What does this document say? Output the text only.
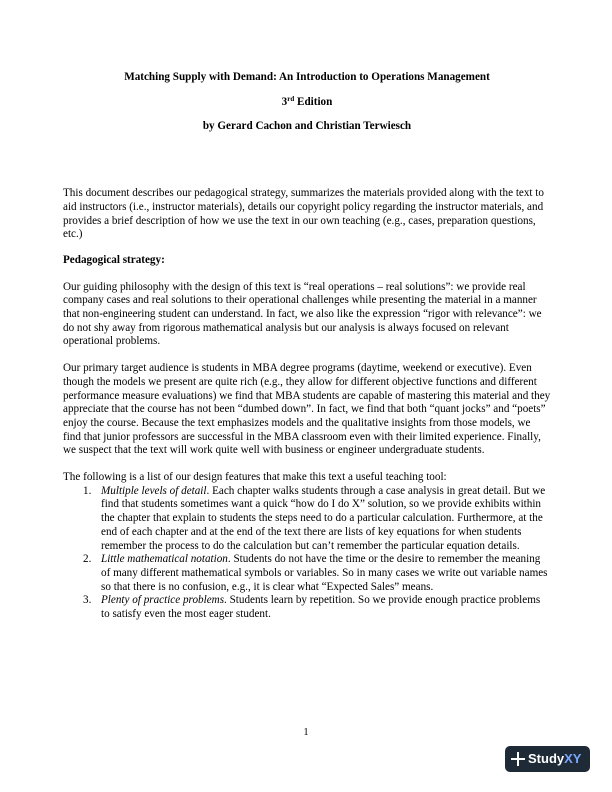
Matching Supply with Demand: An Introduction to Operations Management

3rd Edition

by Gerard Cachon and Christian Terwiesch

This document describes our pedagogical strategy, summarizes the materials provided along with the text to aid instructors (i.e., instructor materials), details our copyright policy regarding the instructor materials, and provides a brief description of how we use the text in our own teaching (e.g., cases, preparation questions, etc.)

Pedagogical strategy:

Our guiding philosophy with the design of this text is “real operations – real solutions”: we provide real company cases and real solutions to their operational challenges while presenting the material in a manner that non-engineering student can understand. In fact, we also like the expression “rigor with relevance”: we do not shy away from rigorous mathematical analysis but our analysis is always focused on relevant operational problems.

Our primary target audience is students in MBA degree programs (daytime, weekend or executive). Even though the models we present are quite rich (e.g., they allow for different objective functions and different performance measure evaluations) we find that MBA students are capable of mastering this material and they appreciate that the course has not been “dumbed down”. In fact, we find that both “quant jocks” and “poets” enjoy the course. Because the text emphasizes models and the qualitative insights from those models, we find that junior professors are successful in the MBA classroom even with their limited experience. Finally, we suspect that the text will work quite well with business or engineer undergraduate students.

The following is a list of our design features that make this text a useful teaching tool:

1. Multiple levels of detail. Each chapter walks students through a case analysis in great detail. But we find that students sometimes want a quick “how do I do X” solution, so we provide exhibits within the chapter that explain to students the steps need to do a particular calculation. Furthermore, at the end of each chapter and at the end of the text there are lists of key equations for when students remember the process to do the calculation but can’t remember the particular equation details.
2. Little mathematical notation. Students do not have the time or the desire to remember the meaning of many different mathematical symbols or variables. So in many cases we write out variable names so that there is no confusion, e.g., it is clear what “Expected Sales” means.
3. Plenty of practice problems. Students learn by repetition. So we provide enough practice problems to satisfy even the most eager student.
1
StudyXY
